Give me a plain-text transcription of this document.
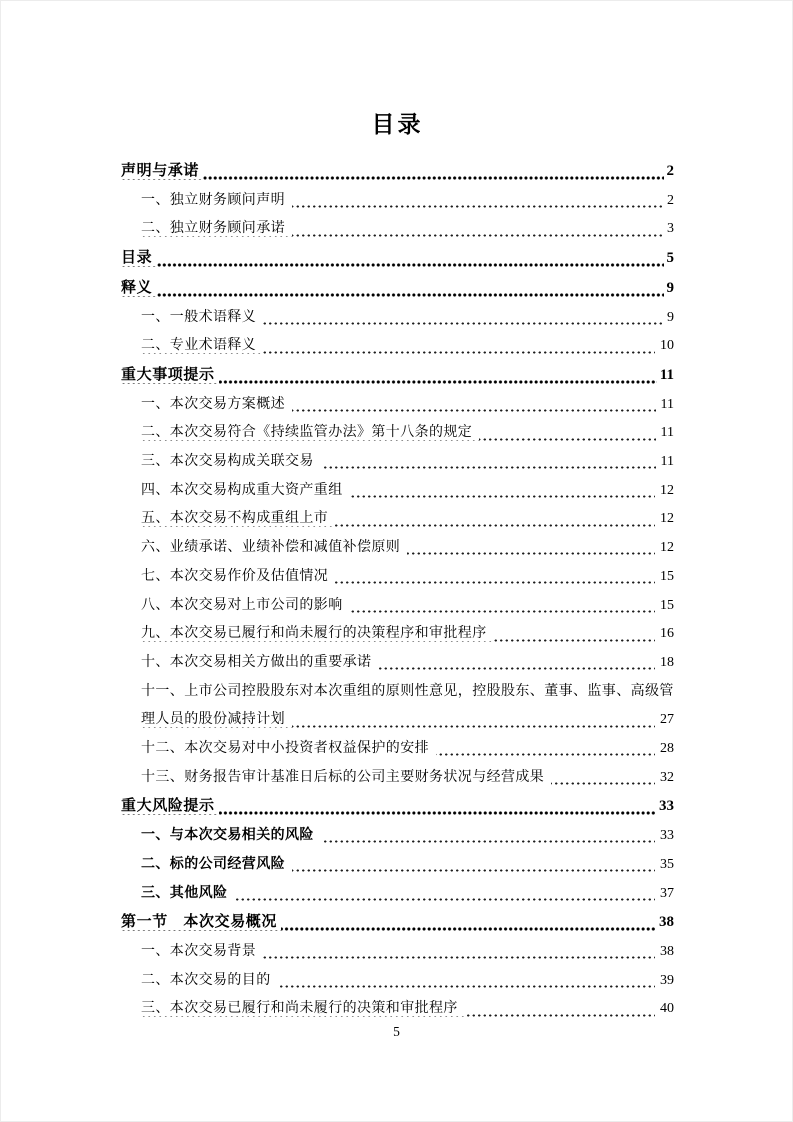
目录
声明与承诺	2
一、独立财务顾问声明	2
二、独立财务顾问承诺	3
目录	5
释义	9
一、一般术语释义	9
二、专业术语释义	10
重大事项提示	11
一、本次交易方案概述	11
二、本次交易符合《持续监管办法》第十八条的规定	11
三、本次交易构成关联交易	11
四、本次交易构成重大资产重组	12
五、本次交易不构成重组上市	12
六、业绩承诺、业绩补偿和减值补偿原则	12
七、本次交易作价及估值情况	15
八、本次交易对上市公司的影响	15
九、本次交易已履行和尚未履行的决策程序和审批程序	16
十、本次交易相关方做出的重要承诺	18
十一、上市公司控股股东对本次重组的原则性意见，控股股东、董事、监事、高级管理人员的股份减持计划	27
十二、本次交易对中小投资者权益保护的安排	28
十三、财务报告审计基准日后标的公司主要财务状况与经营成果	32
重大风险提示	33
一、与本次交易相关的风险	33
二、标的公司经营风险	35
三、其他风险	37
第一节　本次交易概况	38
一、本次交易背景	38
二、本次交易的目的	39
三、本次交易已履行和尚未履行的决策和审批程序	40
5
